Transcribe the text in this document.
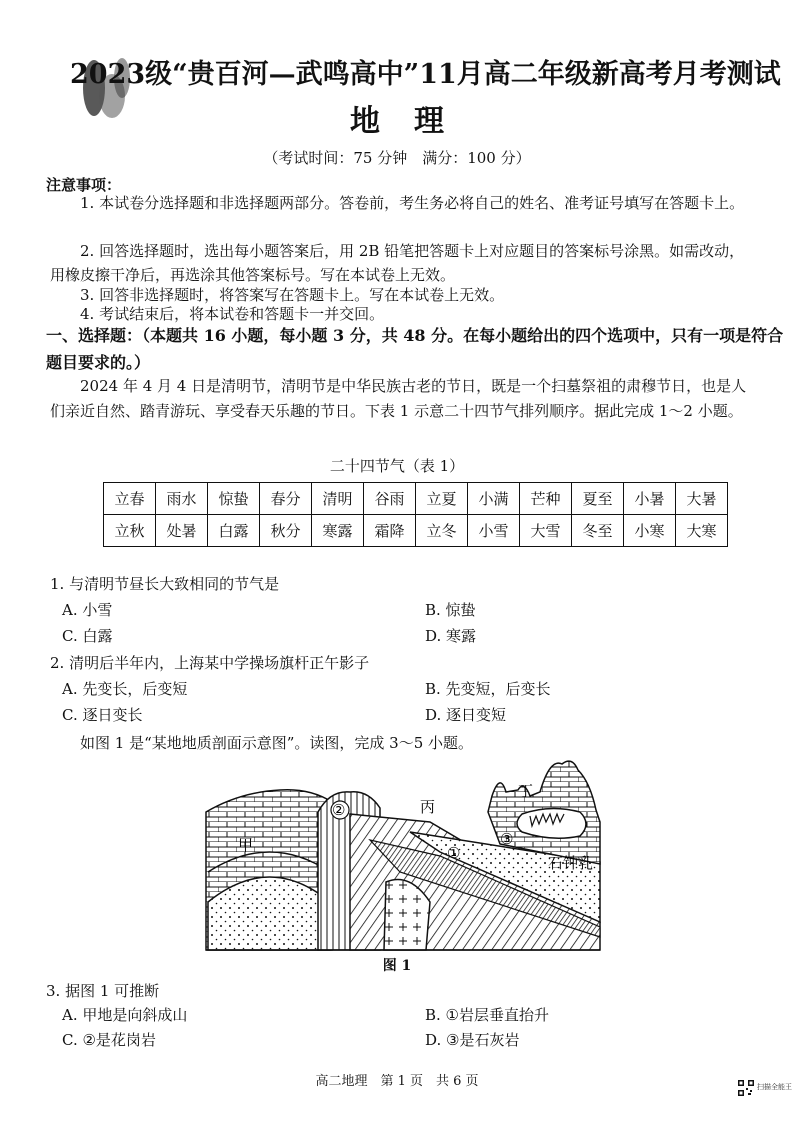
2023级“贵百河—武鸣高中”11月高二年级新高考月考测试
地理
（考试时间：75 分钟　满分：100 分）
注意事项：
1. 本试卷分选择题和非选择题两部分。答卷前，考生务必将自己的姓名、准考证号填写在答题卡上。
2. 回答选择题时，选出每小题答案后，用 2B 铅笔把答题卡上对应题目的答案标号涂黑。如需改动，用橡皮擦干净后，再选涂其他答案标号。写在本试卷上无效。
3. 回答非选择题时，将答案写在答题卡上。写在本试卷上无效。
4. 考试结束后，将本试卷和答题卡一并交回。
一、选择题：（本题共 16 小题，每小题 3 分，共 48 分。在每小题给出的四个选项中，只有一项是符合题目要求的。）
2024 年 4 月 4 日是清明节，清明节是中华民族古老的节日，既是一个扫墓祭祖的肃穆节日，也是人们亲近自然、踏青游玩、享受春天乐趣的节日。下表 1 示意二十四节气排列顺序。据此完成 1～2 小题。
二十四节气（表 1）
立春	雨水	惊蛰	春分	清明	谷雨	立夏	小满	芒种	夏至	小暑	大暑
立秋	处暑	白露	秋分	寒露	霜降	立冬	小雪	大雪	冬至	小寒	大寒
1. 与清明节昼长大致相同的节气是
A. 小雪	B. 惊蛰
C. 白露	D. 寒露
2. 清明后半年内，上海某中学操场旗杆正午影子
A. 先变长，后变短	B. 先变短，后变长
C. 逐日变长	D. 逐日变短
如图 1 是“某地地质剖面示意图”。读图，完成 3～5 小题。
甲
②	丙
丁
①
③
石钟乳
图 1
3. 据图 1 可推断
A. 甲地是向斜成山	B. ①岩层垂直抬升
C. ②是花岗岩	D. ③是石灰岩
高二地理　第 1 页　共 6 页	扫描全能王
